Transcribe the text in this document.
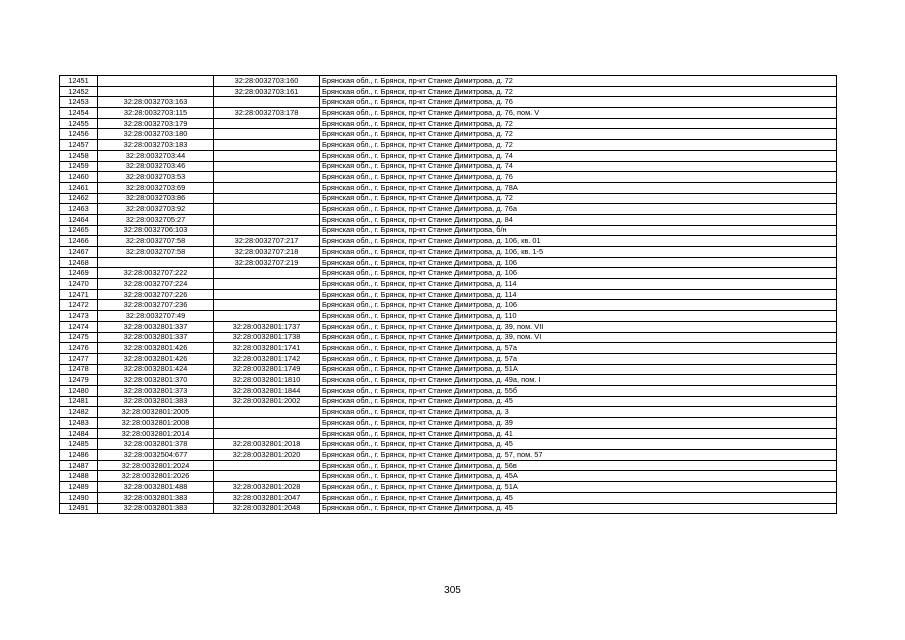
12451		32:28:0032703:160	Брянская обл., г. Брянск, пр-кт Станке Димитрова, д. 72
12452		32:28:0032703:161	Брянская обл., г. Брянск, пр-кт Станке Димитрова, д. 72
12453	32:28:0032703:163		Брянская обл., г. Брянск, пр-кт Станке Димитрова, д. 76
12454	32:28:0032703:115	32:28:0032703:178	Брянская обл., г. Брянск, пр-кт Станке Димитрова, д. 76, пом. V
12455	32:28:0032703:179		Брянская обл., г. Брянск, пр-кт Станке Димитрова, д. 72
12456	32:28:0032703:180		Брянская обл., г. Брянск, пр-кт Станке Димитрова, д. 72
12457	32:28:0032703:183		Брянская обл., г. Брянск, пр-кт Станке Димитрова, д. 72
12458	32:28:0032703:44		Брянская обл., г. Брянск, пр-кт Станке Димитрова, д. 74
12459	32:28:0032703:46		Брянская обл., г. Брянск, пр-кт Станке Димитрова, д. 74
12460	32:28:0032703:53		Брянская обл., г. Брянск, пр-кт Станке Димитрова, д. 76
12461	32:28:0032703:69		Брянская обл., г. Брянск, пр-кт Станке Димитрова, д. 78А
12462	32:28:0032703:86		Брянская обл., г. Брянск, пр-кт Станке Димитрова, д. 72
12463	32:28:0032703:92		Брянская обл., г. Брянск, пр-кт Станке Димитрова, д. 76а
12464	32:28:0032705:27		Брянская обл., г. Брянск, пр-кт Станке Димитрова, д. 84
12465	32:28:0032706:103		Брянская обл., г. Брянск, пр-кт Станке Димитрова, б/н
12466	32:28:0032707:58	32:28:0032707:217	Брянская обл., г. Брянск, пр-кт Станке Димитрова, д. 106, кв. 01
12467	32:28:0032707:58	32:28:0032707:218	Брянская обл., г. Брянск, пр-кт Станке Димитрова, д. 106, кв. 1-5
12468		32:28:0032707:219	Брянская обл., г. Брянск, пр-кт Станке Димитрова, д. 106
12469	32:28:0032707:222		Брянская обл., г. Брянск, пр-кт Станке Димитрова, д. 106
12470	32:28:0032707:224		Брянская обл., г. Брянск, пр-кт Станке Димитрова, д. 114
12471	32:28:0032707:226		Брянская обл., г. Брянск, пр-кт Станке Димитрова, д. 114
12472	32:28:0032707:236		Брянская обл., г. Брянск, пр-кт Станке Димитрова, д. 106
12473	32:28:0032707:49		Брянская обл., г. Брянск, пр-кт Станке Димитрова, д. 110
12474	32:28:0032801:337	32:28:0032801:1737	Брянская обл., г. Брянск, пр-кт Станке Димитрова, д. 39, пом. VII
12475	32:28:0032801:337	32:28:0032801:1738	Брянская обл., г. Брянск, пр-кт Станке Димитрова, д. 39, пом. VI
12476	32:28:0032801:426	32:28:0032801:1741	Брянская обл., г. Брянск, пр-кт Станке Димитрова, д. 57а
12477	32:28:0032801:426	32:28:0032801:1742	Брянская обл., г. Брянск, пр-кт Станке Димитрова, д. 57а
12478	32:28:0032801:424	32:28:0032801:1749	Брянская обл., г. Брянск, пр-кт Станке Димитрова, д. 51А
12479	32:28:0032801:370	32:28:0032801:1810	Брянская обл., г. Брянск, пр-кт Станке Димитрова, д. 49а, пом. I
12480	32:28:0032801:373	32:28:0032801:1844	Брянская обл., г. Брянск, пр-кт Станке Димитрова, д. 55б
12481	32:28:0032801:383	32:28:0032801:2002	Брянская обл., г. Брянск, пр-кт Станке Димитрова, д. 45
12482	32:28:0032801:2005		Брянская обл., г. Брянск, пр-кт Станке Димитрова, д. 3
12483	32:28:0032801:2008		Брянская обл., г. Брянск, пр-кт Станке Димитрова, д. 39
12484	32:28:0032801:2014		Брянская обл., г. Брянск, пр-кт Станке Димитрова, д. 41
12485	32:28:0032801:378	32:28:0032801:2018	Брянская обл., г. Брянск, пр-кт Станке Димитрова, д. 45
12486	32:28:0032504:677	32:28:0032801:2020	Брянская обл., г. Брянск, пр-кт Станке Димитрова, д. 57, пом. 57
12487	32:28:0032801:2024		Брянская обл., г. Брянск, пр-кт Станке Димитрова, д. 56в
12488	32:28:0032801:2026		Брянская обл., г. Брянск, пр-кт Станке Димитрова, д. 45А
12489	32:28:0032801:488	32:28:0032801:2028	Брянская обл., г. Брянск, пр-кт Станке Димитрова, д. 51А
12490	32:28:0032801:383	32:28:0032801:2047	Брянская обл., г. Брянск, пр-кт Станке Димитрова, д. 45
12491	32:28:0032801:383	32:28:0032801:2048	Брянская обл., г. Брянск, пр-кт Станке Димитрова, д. 45
305
